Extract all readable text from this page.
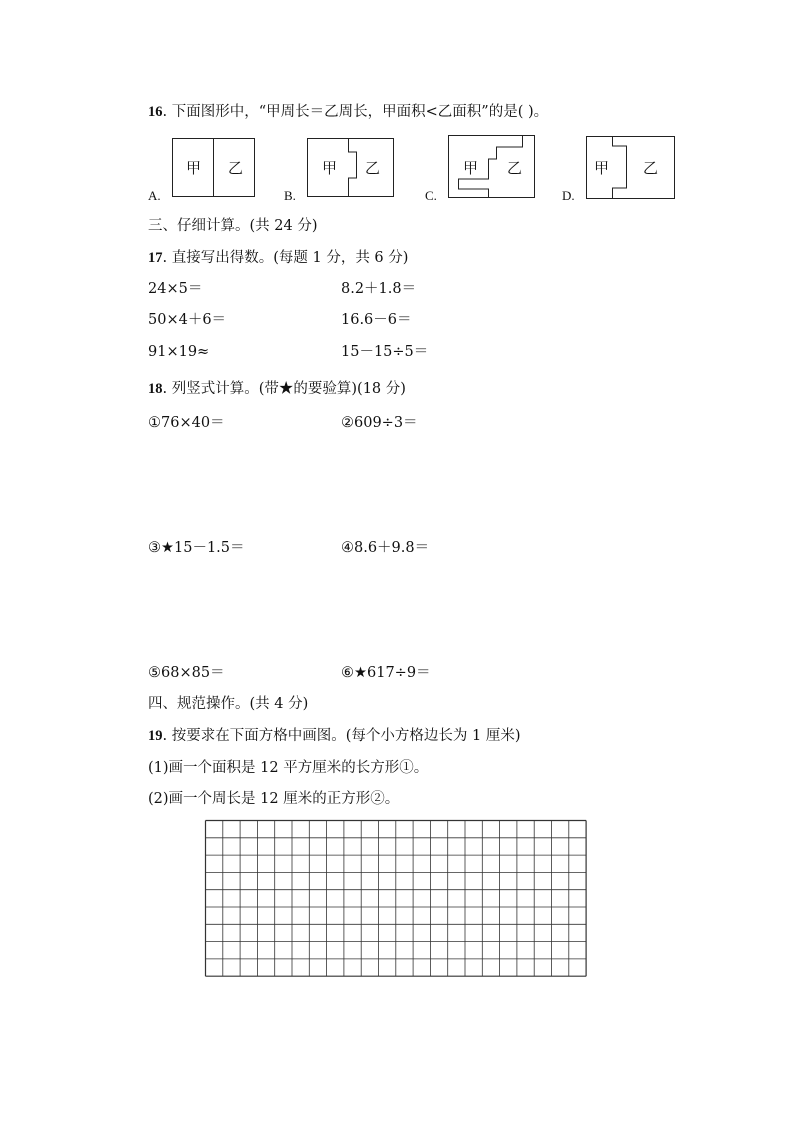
16. 下面图形中，“甲周长＝乙周长，甲面积<乙面积”的是( )。
A.
甲 乙
B.
甲 乙
C.
甲 乙
D.
甲 乙
三、仔细计算。(共 24 分)
17. 直接写出得数。(每题 1 分，共 6 分)
24×5＝	8.2＋1.8＝
50×4＋6＝	16.6－6＝
91×19≈	15－15÷5＝
18. 列竖式计算。(带★的要验算)(18 分)
①76×40＝	②609÷3＝
③★15－1.5＝	④8.6＋9.8＝
⑤68×85＝	⑥★617÷9＝
四、规范操作。(共 4 分)
19. 按要求在下面方格中画图。(每个小方格边长为 1 厘米)
(1)画一个面积是 12 平方厘米的长方形①。
(2)画一个周长是 12 厘米的正方形②。
